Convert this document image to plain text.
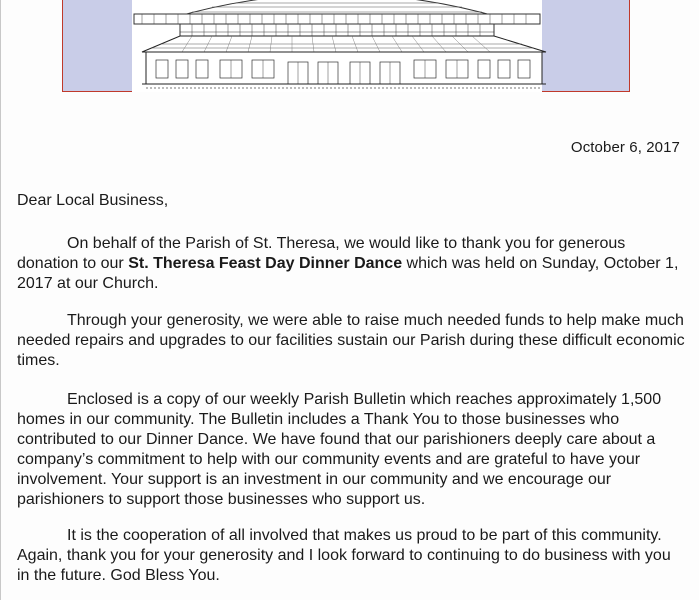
October 6, 2017
Dear Local Business,

On behalf of the Parish of St. Theresa, we would like to thank you for generous donation to our St. Theresa Feast Day Dinner Dance which was held on Sunday, October 1, 2017 at our Church.

Through your generosity, we were able to raise much needed funds to help make much needed repairs and upgrades to our facilities sustain our Parish during these difficult economic times.

Enclosed is a copy of our weekly Parish Bulletin which reaches approximately 1,500 homes in our community. The Bulletin includes a Thank You to those businesses who contributed to our Dinner Dance. We have found that our parishioners deeply care about a company’s commitment to help with our community events and are grateful to have your involvement. Your support is an investment in our community and we encourage our parishioners to support those businesses who support us.

It is the cooperation of all involved that makes us proud to be part of this community. Again, thank you for your generosity and I look forward to continuing to do business with you in the future. God Bless You.
